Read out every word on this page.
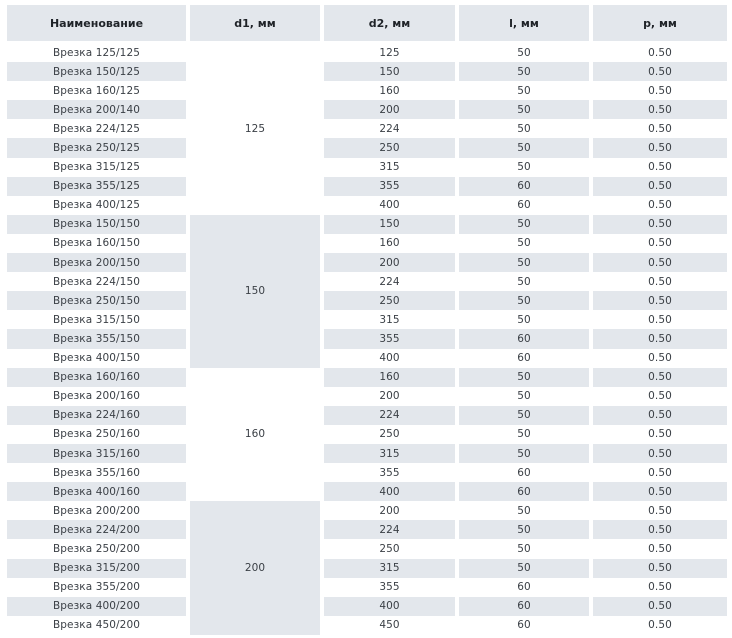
Наименование	d1, мм	d2, мм	l, мм	p, мм
Врезка 125/125	125	125	50	0.50
Врезка 150/125		150	50	0.50
Врезка 160/125		160	50	0.50
Врезка 200/140		200	50	0.50
Врезка 224/125		224	50	0.50
Врезка 250/125		250	50	0.50
Врезка 315/125		315	50	0.50
Врезка 355/125		355	60	0.50
Врезка 400/125		400	60	0.50
Врезка 150/150	150	150	50	0.50
Врезка 160/150		160	50	0.50
Врезка 200/150		200	50	0.50
Врезка 224/150		224	50	0.50
Врезка 250/150		250	50	0.50
Врезка 315/150		315	50	0.50
Врезка 355/150		355	60	0.50
Врезка 400/150		400	60	0.50
Врезка 160/160	160	160	50	0.50
Врезка 200/160		200	50	0.50
Врезка 224/160		224	50	0.50
Врезка 250/160		250	50	0.50
Врезка 315/160		315	50	0.50
Врезка 355/160		355	60	0.50
Врезка 400/160		400	60	0.50
Врезка 200/200	200	200	50	0.50
Врезка 224/200		224	50	0.50
Врезка 250/200		250	50	0.50
Врезка 315/200		315	50	0.50
Врезка 355/200		355	60	0.50
Врезка 400/200		400	60	0.50
Врезка 450/200		450	60	0.50
